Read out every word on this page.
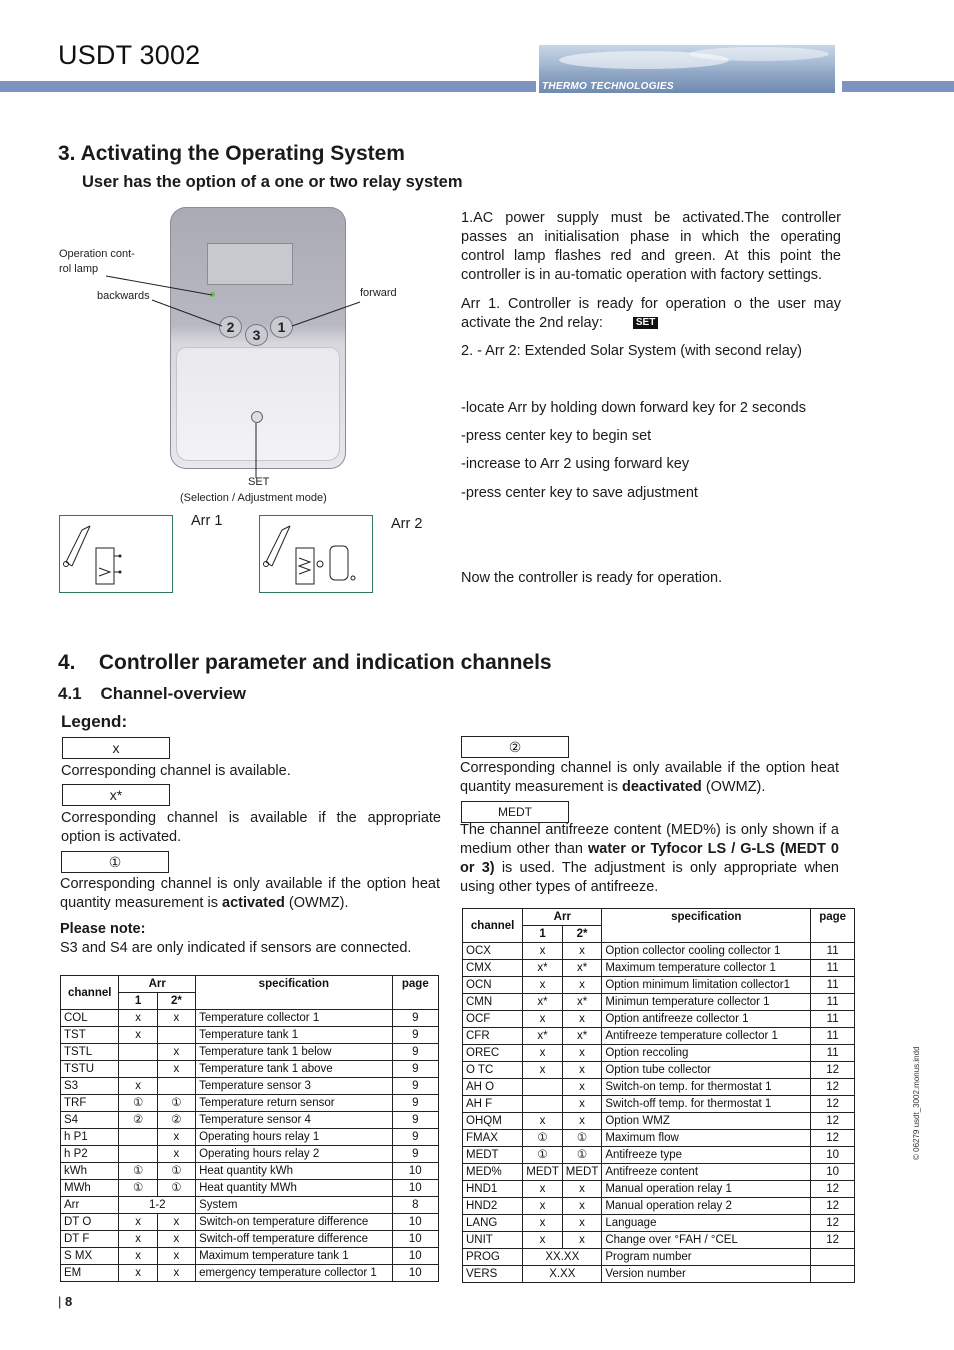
USDT 3002
THERMO TECHNOLOGIES
3. Activating the Operating System
User has the option of a one or two relay system
2	3	1
Operation cont-
rol lamp
backwards	forward
SET
(Selection / Adjustment mode)
Arr 1	Arr 2
1.AC power supply must be activated.The controller passes an initialisation phase in which the operating control lamp flashes red and green. At this point the controller is in au-tomatic operation with factory settings.
Arr 1. Controller is ready for operation o the user may activate the 2nd relay:	SET
2. - Arr 2: Extended Solar System (with second relay)
-locate Arr by holding down forward key for 2 seconds
-press center key to begin set
-increase to Arr 2 using forward key
-press center key to save adjustment
Now the controller is ready for operation.
4.    Controller parameter and indication channels
4.1    Channel-overview
Legend:
x
Corresponding channel is available.
x*
Corresponding channel is available if the appropriate option is activated.
①
Corresponding channel is only available if the option heat quantity measurement is activated (OWMZ).
Please note:
S3 and S4 are only indicated if sensors are connected.
②
Corresponding channel is only available if the option heat quantity measurement is deactivated (OWMZ).
MEDT
The channel antifreeze content (MED%) is only shown if a medium other than water or Tyfocor LS / G-LS (MEDT 0 or 3) is used. The adjustment is only appropriate when using other types of antifreeze.
channel	Arr		specification	page
	1	2*		
COL	x	x	Temperature collector 1	9
TST	x		Temperature tank 1	9
TSTL		x	Temperature tank 1 below	9
TSTU		x	Temperature tank 1 above	9
S3	x		Temperature sensor 3	9
TRF	①	①	Temperature return sensor	9
S4	②	②	Temperature sensor 4	9
h P1		x	Operating hours relay 1	9
h P2		x	Operating hours relay 2	9
kWh	①	①	Heat quantity kWh	10
MWh	①	①	Heat quantity MWh	10
Arr	1-2		System	8
DT O	x	x	Switch-on temperature difference	10
DT F	x	x	Switch-off temperature difference	10
S MX	x	x	Maximum temperature tank 1	10
EM	x	x	emergency temperature collector 1	10
channel	Arr		specification	page
	1	2*		
OCX	x	x	Option collector cooling collector 1	11
CMX	x*	x*	Maximum temperature collector 1	11
OCN	x	x	Option minimum limitation collector1	11
CMN	x*	x*	Minimun temperature collector 1	11
OCF	x	x	Option antifreeze collector 1	11
CFR	x*	x*	Antifreeze temperature collector 1	11
OREC	x	x	Option reccoling	11
O TC	x	x	Option tube collector	12
AH O		x	Switch-on temp. for thermostat 1	12
AH F		x	Switch-off temp. for thermostat 1	12
OHQM	x	x	Option WMZ	12
FMAX	①	①	Maximum flow	12
MEDT	①	①	Antifreeze type	10
MED%	MEDT	MEDT	Antifreeze content	10
HND1	x	x	Manual operation relay 1	12
HND2	x	x	Manual operation relay 2	12
LANG	x	x	Language	12
UNIT	x	x	Change over °FAH / °CEL	12
PROG	XX.XX		Program number	
VERS	X.XX		Version number	
| 8
© 06279 usdt_3002.monus.indd
